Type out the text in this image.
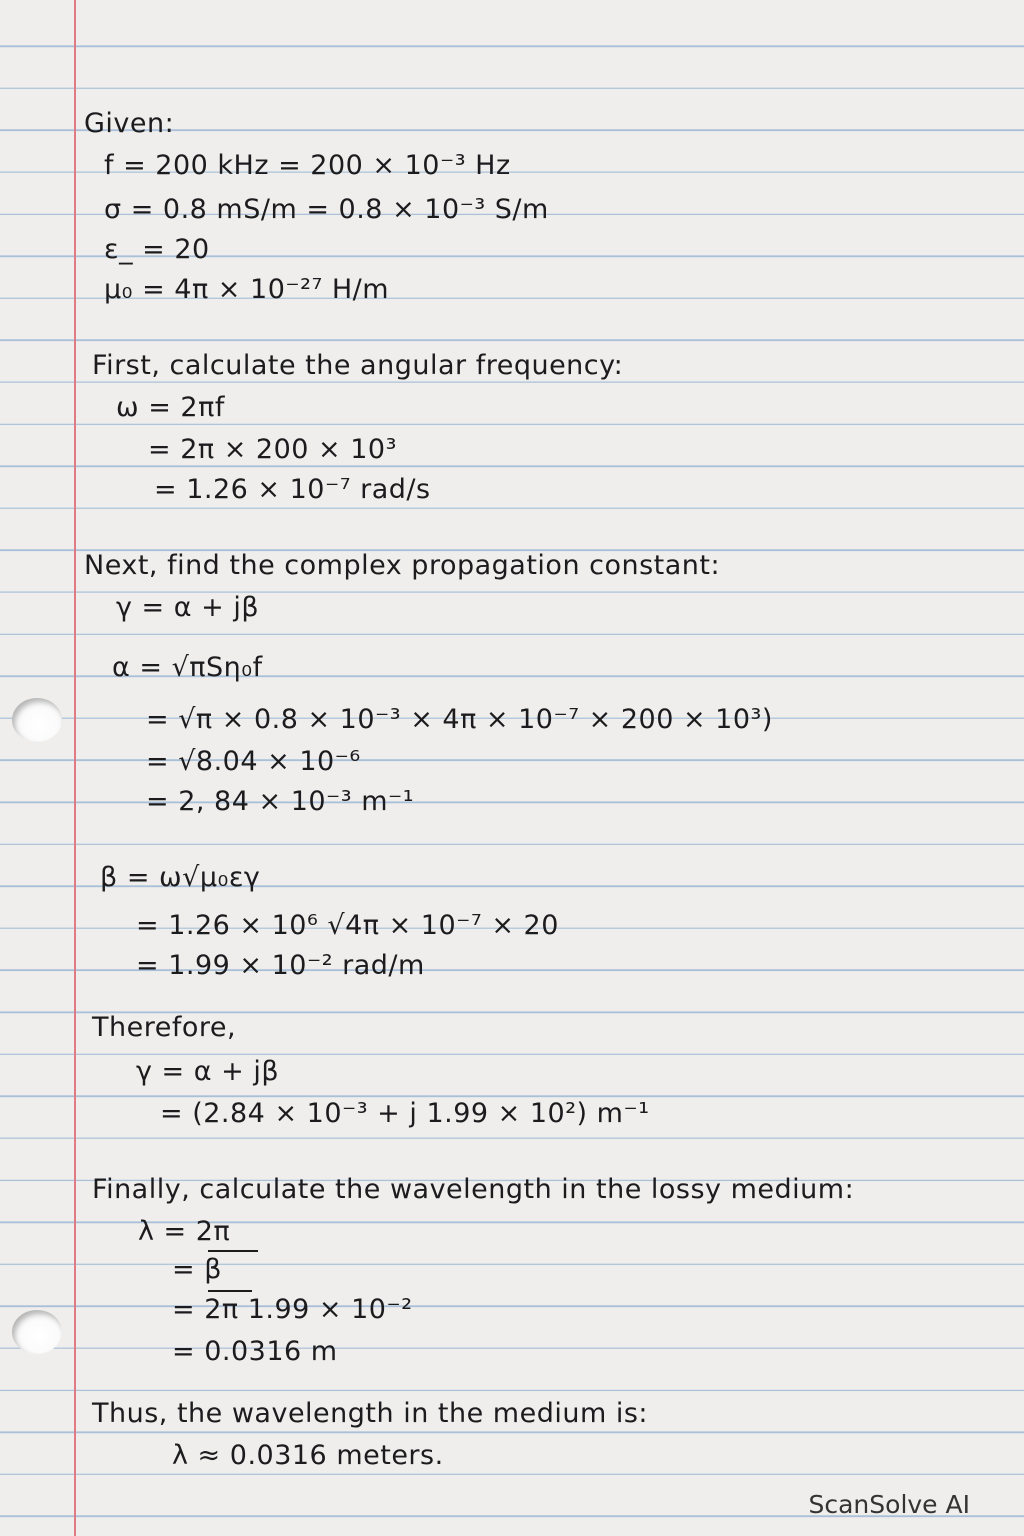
Given:
f = 200 kHz = 200 × 10⁻³ Hz
σ = 0.8 mS/m = 0.8 × 10⁻³ S/m
ε_ = 20
μ₀ = 4π × 10⁻²⁷ H/m
First, calculate the angular frequency:
ω = 2πf
= 2π × 200 × 10³
= 1.26 × 10⁻⁷ rad/s
Next, find the complex propagation constant:
γ = α + jβ
α = √πSη₀f
= √π × 0.8 × 10⁻³ × 4π × 10⁻⁷ × 200 × 10³)
= √8.04 × 10⁻⁶
= 2, 84 × 10⁻³ m⁻¹
β = ω√μ₀εγ
= 1.26 × 10⁶ √4π × 10⁻⁷ × 20
= 1.99 × 10⁻² rad/m
Therefore,
γ = α + jβ
= (2.84 × 10⁻³ + j 1.99 × 10²) m⁻¹
Finally, calculate the wavelength in the lossy medium:
λ = 2π
= β
= 2π 1.99 × 10⁻²
= 0.0316 m
Thus, the wavelength in the medium is:
λ ≈ 0.0316 meters.
ScanSolve AI
